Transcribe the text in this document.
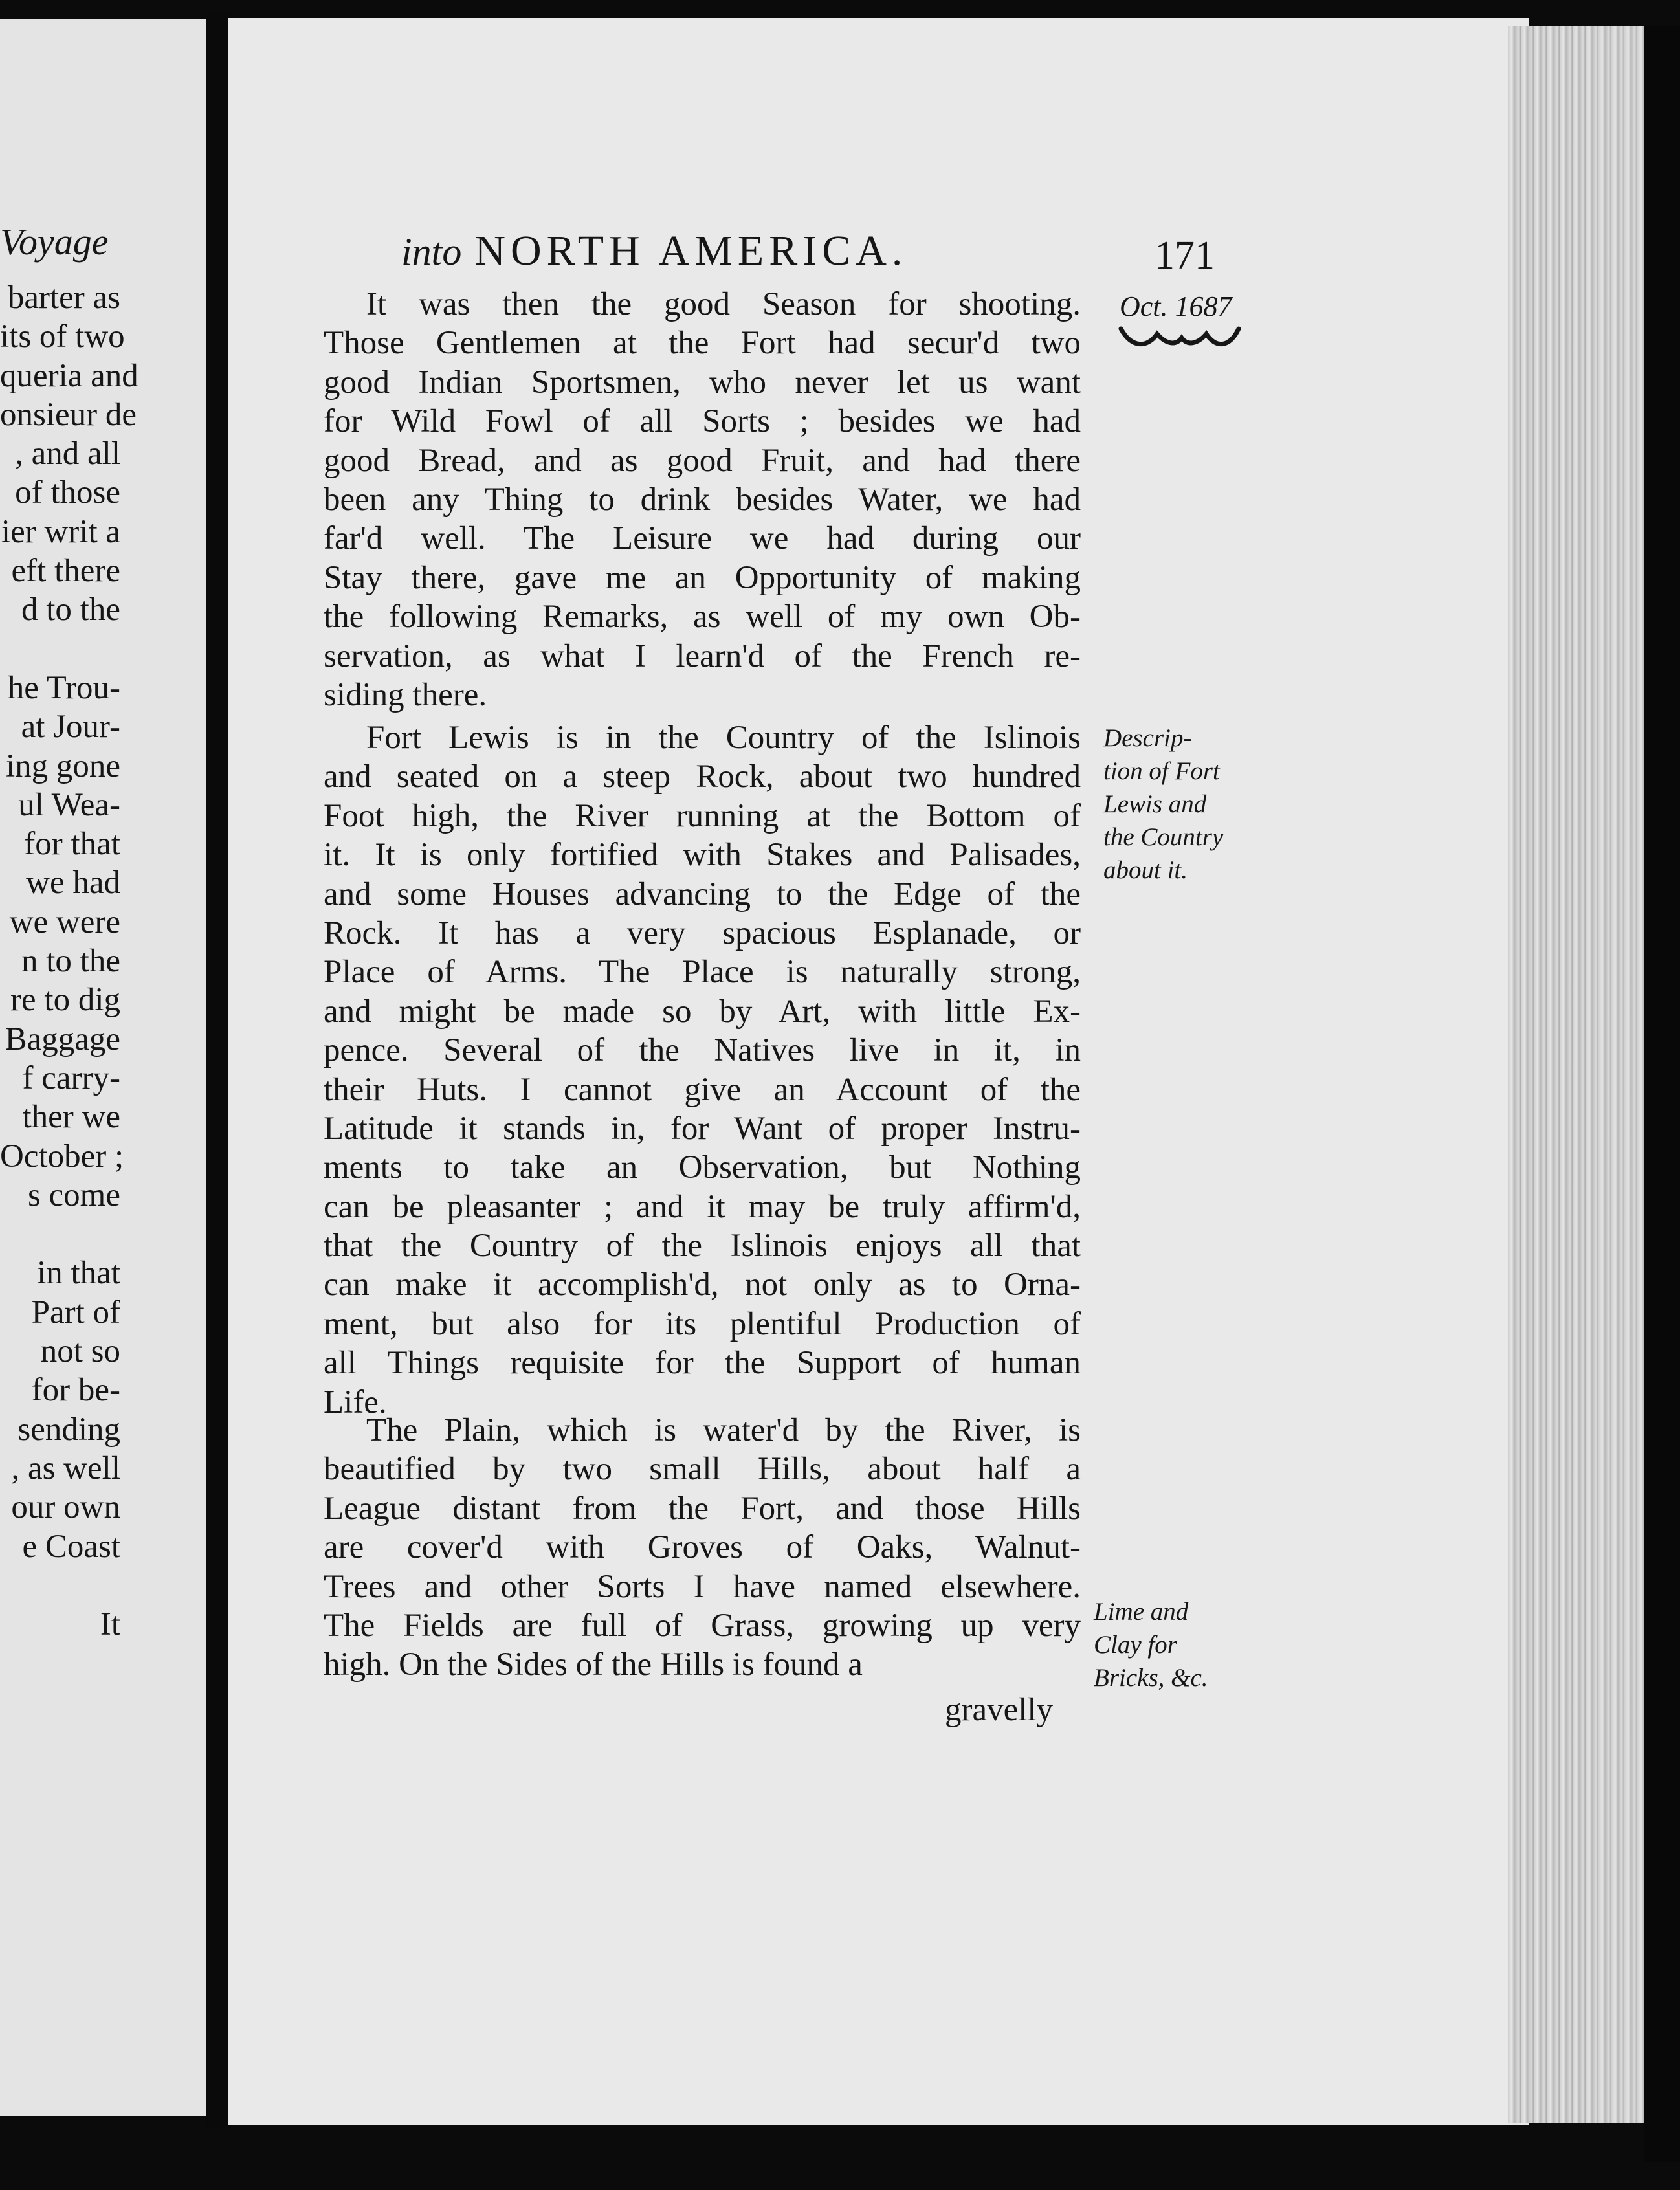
Voyage
barter as
its of two
queria and
onsieur de
, and all
of those
ier writ a
eft there
d to the
he Trou-
at Jour-
ing gone
ul Wea-
for that
we had
we were
n to the
re to dig
Baggage
f carry-
ther we
October ;
s come
in that
Part of
not so
for be-
sending
, as well
our own
e Coast
It
into NORTH AMERICA.	171
Oct. 1687
Descrip-
tion of Fort
Lewis and
the Country
about it.
Lime and
Clay for
Bricks, &c.
It was then the good Season for shooting.
Those Gentlemen at the Fort had secur'd two
good Indian Sportsmen, who never let us want
for Wild Fowl of all Sorts ; besides we had
good Bread, and as good Fruit, and had there
been any Thing to drink besides Water, we had
far'd well. The Leisure we had during our
Stay there, gave me an Opportunity of making
the following Remarks, as well of my own Ob-
servation, as what I learn'd of the French re-
siding there.
Fort Lewis is in the Country of the Islinois
and seated on a steep Rock, about two hundred
Foot high, the River running at the Bottom of
it. It is only fortified with Stakes and Palisades,
and some Houses advancing to the Edge of the
Rock. It has a very spacious Esplanade, or
Place of Arms. The Place is naturally strong,
and might be made so by Art, with little Ex-
pence. Several of the Natives live in it, in
their Huts. I cannot give an Account of the
Latitude it stands in, for Want of proper Instru-
ments to take an Observation, but Nothing
can be pleasanter ; and it may be truly affirm'd,
that the Country of the Islinois enjoys all that
can make it accomplish'd, not only as to Orna-
ment, but also for its plentiful Production of
all Things requisite for the Support of human
Life.
The Plain, which is water'd by the River, is
beautified by two small Hills, about half a
League distant from the Fort, and those Hills
are cover'd with Groves of Oaks, Walnut-
Trees and other Sorts I have named elsewhere.
The Fields are full of Grass, growing up very
high. On the Sides of the Hills is found a
gravelly
